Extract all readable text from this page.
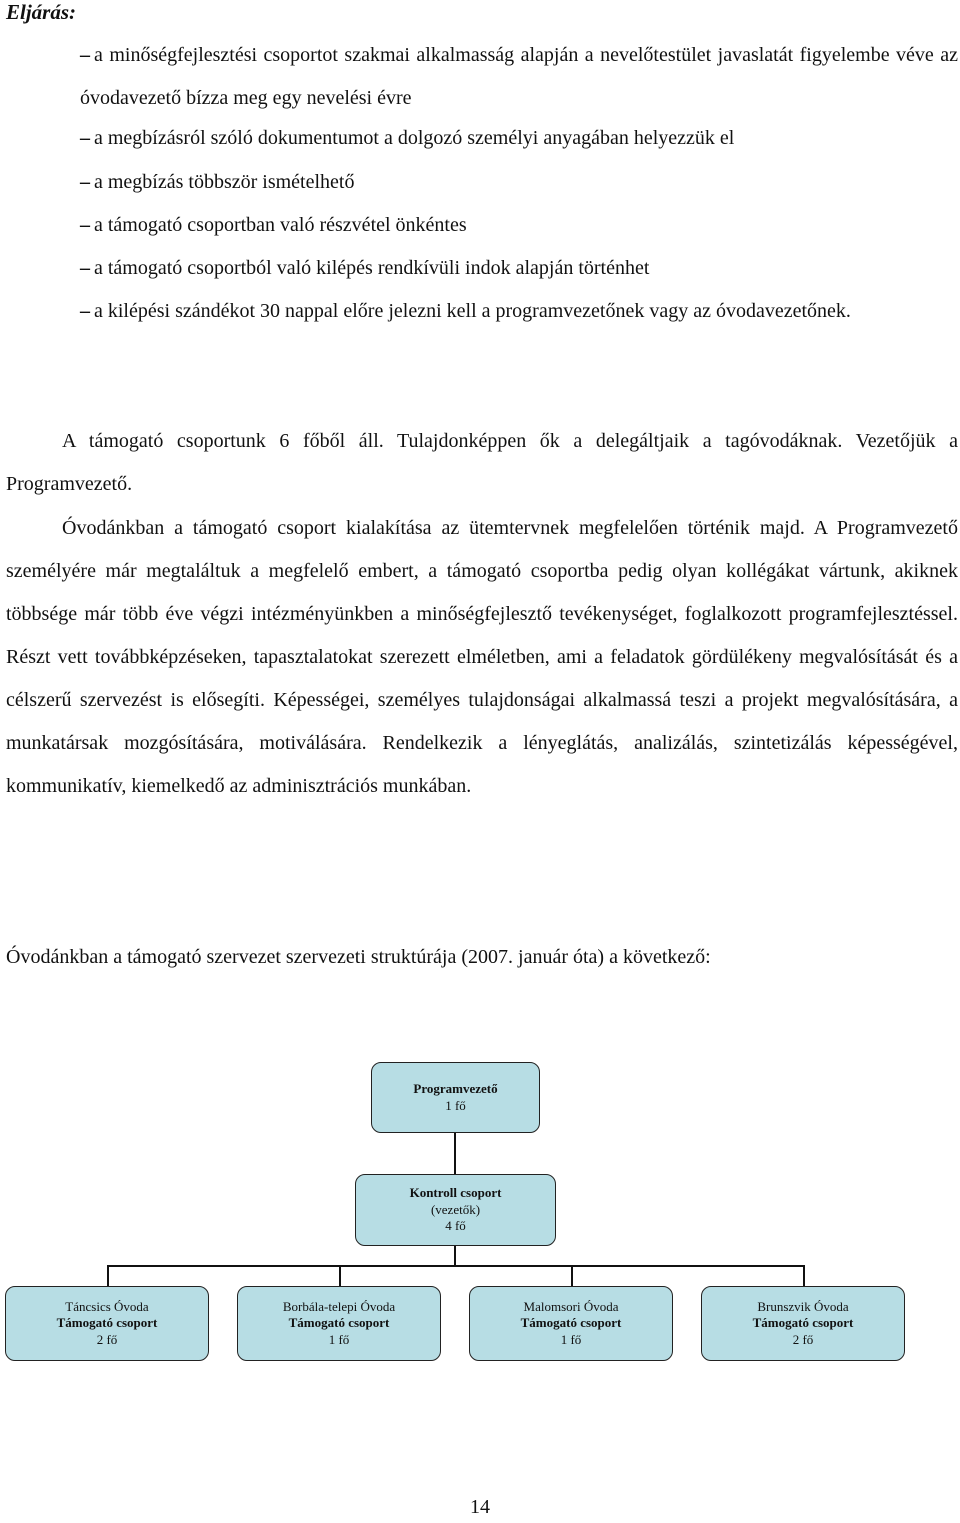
Eljárás:
– a minőségfejlesztési csoportot szakmai alkalmasság alapján a nevelőtestület javaslatát figyelembe véve az óvodavezető bízza meg egy nevelési évre
– a megbízásról szóló dokumentumot a dolgozó személyi anyagában helyezzük el
– a megbízás többször ismételhető
– a támogató csoportban való részvétel önkéntes
– a támogató csoportból való kilépés rendkívüli indok alapján történhet
– a kilépési szándékot 30 nappal előre jelezni kell a programvezetőnek vagy az óvodavezetőnek.
A támogató csoportunk 6 főből áll. Tulajdonképpen ők a delegáltjaik a tagóvodáknak. Vezetőjük a Programvezető.
Óvodánkban a támogató csoport kialakítása az ütemtervnek megfelelően történik majd. A Programvezető személyére már megtaláltuk a megfelelő embert, a támogató csoportba pedig olyan kollégákat vártunk, akiknek többsége már több éve végzi intézményünkben a minőségfejlesztő tevékenységet, foglalkozott programfejlesztéssel. Részt vett továbbképzéseken, tapasztalatokat szerezett elméletben, ami a feladatok gördülékeny megvalósítását és a célszerű szervezést is elősegíti. Képességei, személyes tulajdonságai alkalmassá teszi a projekt megvalósítására, a munkatársak mozgósítására, motiválására. Rendelkezik a lényeglátás, analizálás, szintetizálás képességével, kommunikatív, kiemelkedő az adminisztrációs munkában.
Óvodánkban a támogató szervezet szervezeti struktúrája (2007. január óta) a következő:
Programvezető
1 fő
Kontroll csoport
(vezetők)
4 fő
Táncsics Óvoda
Támogató csoport
2 fő
Borbála-telepi Óvoda
Támogató csoport
1 fő
Malomsori Óvoda
Támogató csoport
1 fő
Brunszvik Óvoda
Támogató csoport
2 fő
14
